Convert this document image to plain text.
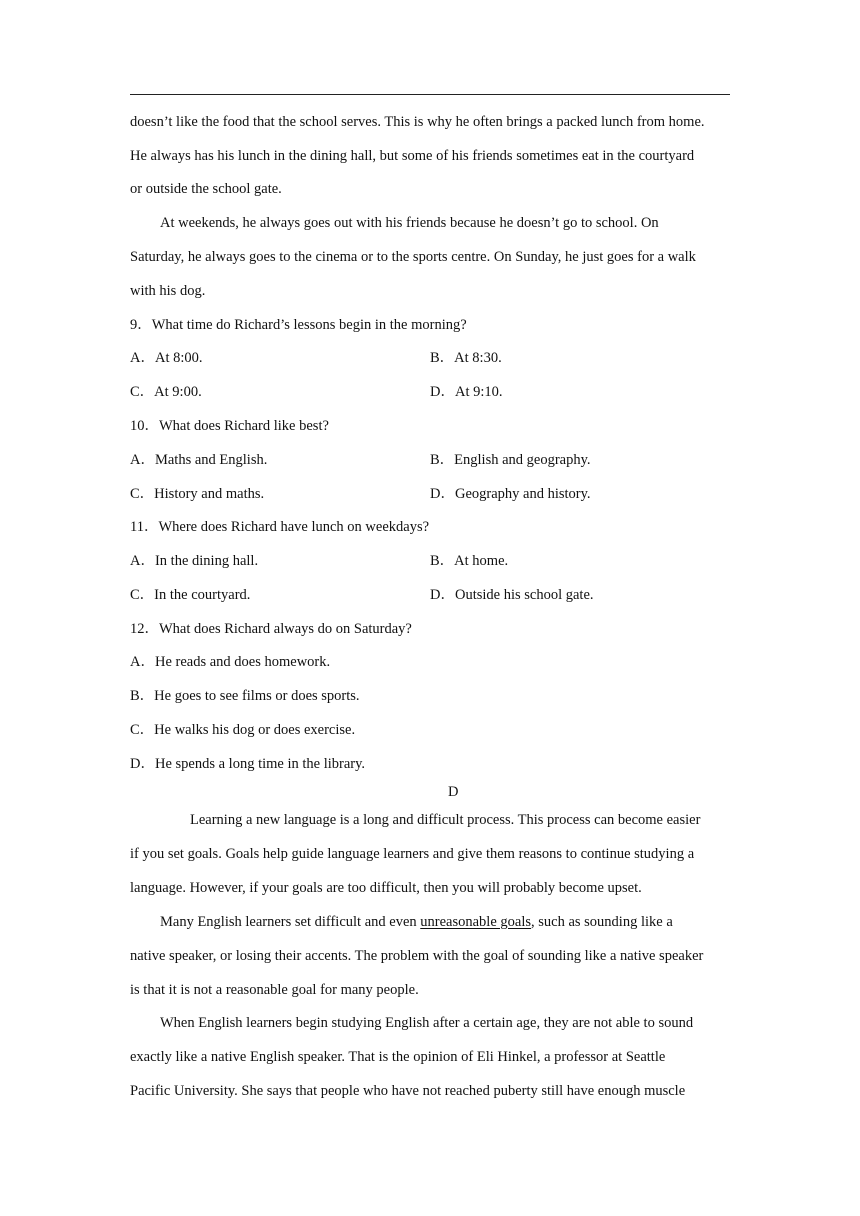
doesn’t like the food that the school serves. This is why he often brings a packed lunch from home.
He always has his lunch in the dining hall, but some of his friends sometimes eat in the courtyard
or outside the school gate.
At weekends, he always goes out with his friends because he doesn’t go to school. On
Saturday, he always goes to the cinema or to the sports centre. On Sunday, he just goes for a walk
with his dog.
9．What time do Richard’s lessons begin in the morning?
A．At 8:00.	B．At 8:30.
C．At 9:00.	D．At 9:10.
10．What does Richard like best?
A．Maths and English.	B．English and geography.
C．History and maths.	D．Geography and history.
11．Where does Richard have lunch on weekdays?
A．In the dining hall.	B．At home.
C．In the courtyard.	D．Outside his school gate.
12．What does Richard always do on Saturday?
A．He reads and does homework.
B．He goes to see films or does sports.
C．He walks his dog or does exercise.
D．He spends a long time in the library.
D
Learning a new language is a long and difficult process. This process can become easier
if you set goals. Goals help guide language learners and give them reasons to continue studying a
language. However, if your goals are too difficult, then you will probably become upset.
Many English learners set difficult and even unreasonable goals, such as sounding like a
native speaker, or losing their accents. The problem with the goal of sounding like a native speaker
is that it is not a reasonable goal for many people.
When English learners begin studying English after a certain age, they are not able to sound
exactly like a native English speaker. That is the opinion of Eli Hinkel, a professor at Seattle
Pacific University. She says that people who have not reached puberty still have enough muscle
